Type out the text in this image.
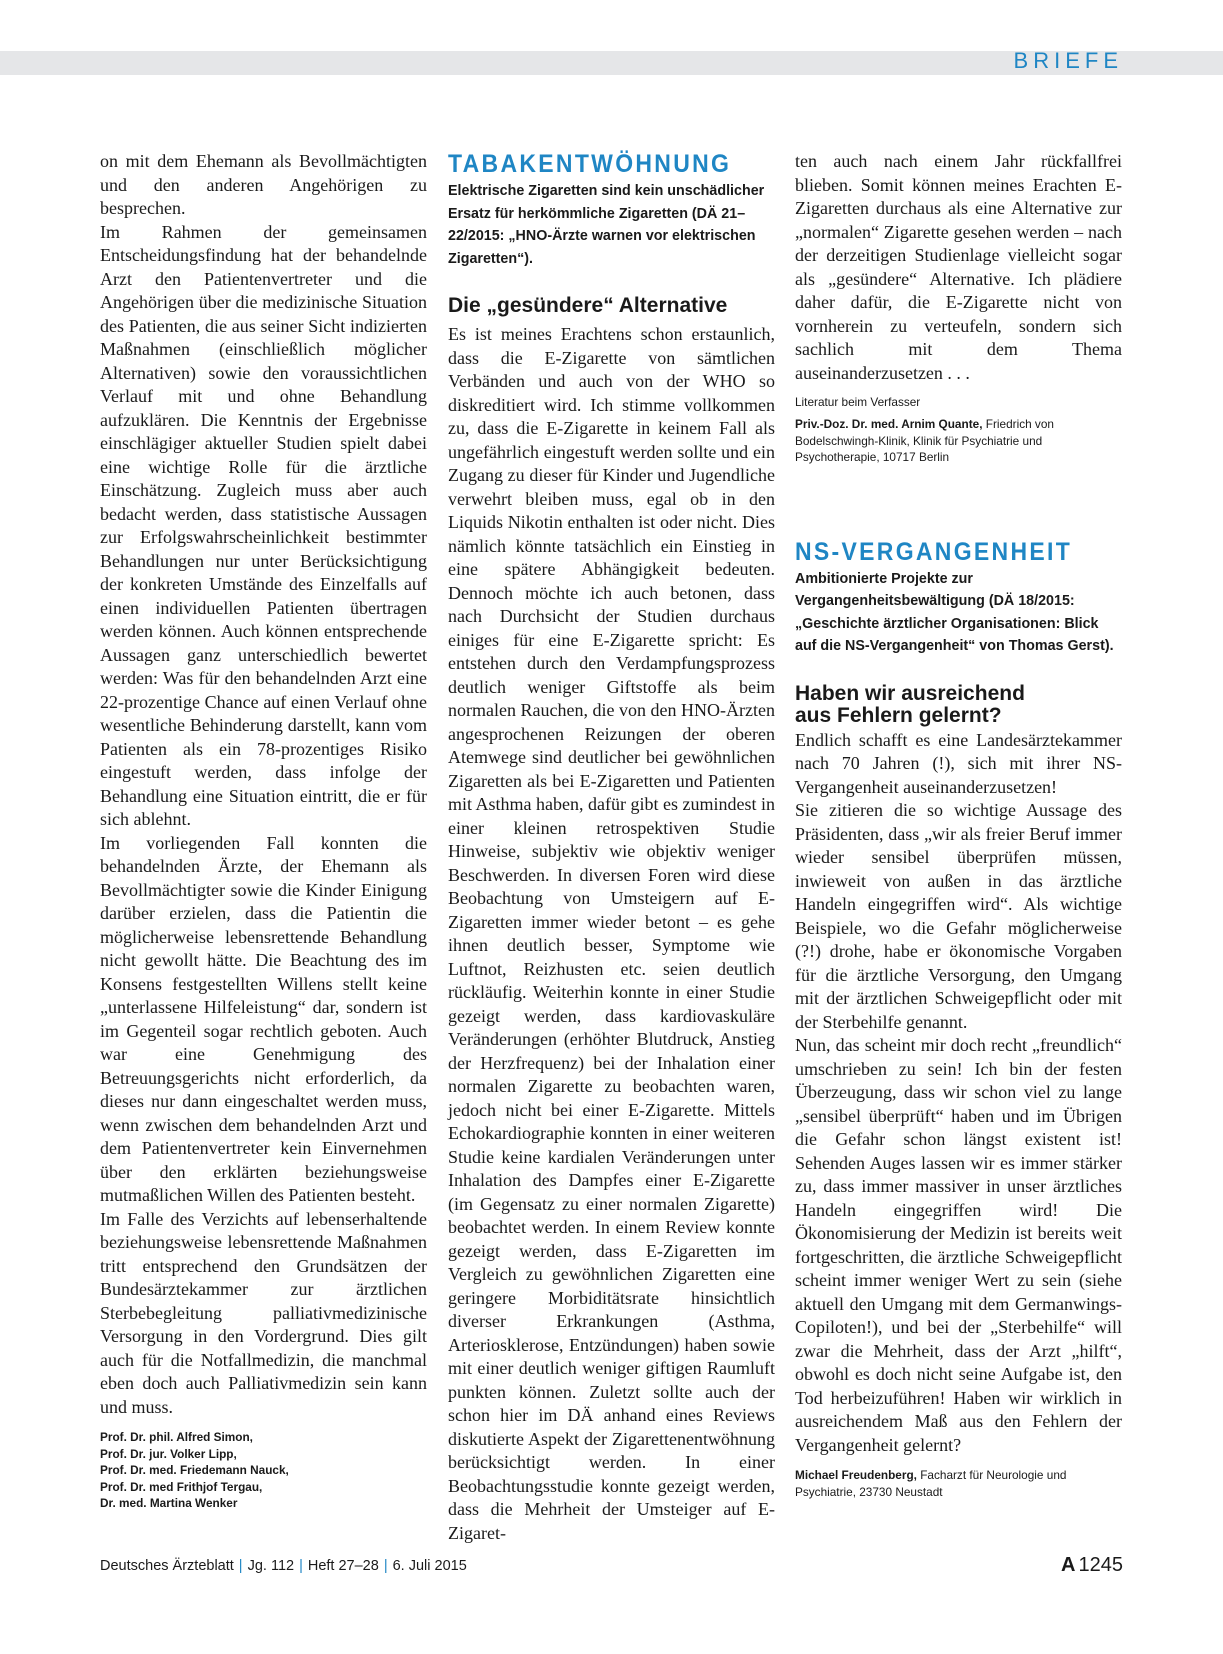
BRIEFE

on mit dem Ehemann als Bevollmächtigten und den anderen Angehörigen zu besprechen.

Im Rahmen der gemeinsamen Entscheidungsfindung hat der behandelnde Arzt den Patientenvertreter und die Angehörigen über die medizinische Situation des Patienten, die aus seiner Sicht indizierten Maßnahmen (einschließlich möglicher Alternativen) sowie den voraussichtlichen Verlauf mit und ohne Behandlung aufzuklären. Die Kenntnis der Ergebnisse einschlägiger aktueller Studien spielt dabei eine wichtige Rolle für die ärztliche Einschätzung. Zugleich muss aber auch bedacht werden, dass statistische Aussagen zur Erfolgswahrscheinlichkeit bestimmter Behandlungen nur unter Berücksichtigung der konkreten Umstände des Einzelfalls auf einen individuellen Patienten übertragen werden können. Auch können entsprechende Aussagen ganz unterschiedlich bewertet werden: Was für den behandelnden Arzt eine 22-prozentige Chance auf einen Verlauf ohne wesentliche Behinderung darstellt, kann vom Patienten als ein 78-prozentiges Risiko eingestuft werden, dass infolge der Behandlung eine Situation eintritt, die er für sich ablehnt.

Im vorliegenden Fall konnten die behandelnden Ärzte, der Ehemann als Bevollmächtigter sowie die Kinder Einigung darüber erzielen, dass die Patientin die möglicherweise lebensrettende Behandlung nicht gewollt hätte. Die Beachtung des im Konsens festgestellten Willens stellt keine „unterlassene Hilfeleistung“ dar, sondern ist im Gegenteil sogar rechtlich geboten. Auch war eine Genehmigung des Betreuungsgerichts nicht erforderlich, da dieses nur dann eingeschaltet werden muss, wenn zwischen dem behandelnden Arzt und dem Patientenvertreter kein Einvernehmen über den erklärten beziehungsweise mutmaßlichen Willen des Patienten besteht.

Im Falle des Verzichts auf lebenserhaltende beziehungsweise lebensrettende Maßnahmen tritt entsprechend den Grundsätzen der Bundesärztekammer zur ärztlichen Sterbebegleitung palliativmedizinische Versorgung in den Vordergrund. Dies gilt auch für die Notfallmedizin, die manchmal eben doch auch Palliativmedizin sein kann und muss.

Prof. Dr. phil. Alfred Simon,
Prof. Dr. jur. Volker Lipp,
Prof. Dr. med. Friedemann Nauck,
Prof. Dr. med Frithjof Tergau,
Dr. med. Martina Wenker
TABAKENTWÖHNUNG
Elektrische Zigaretten sind kein unschädlicher Ersatz für herkömmliche Zigaretten (DÄ 21–22/2015: „HNO-Ärzte warnen vor elektrischen Zigaretten“).
Die „gesündere“ Alternative

Es ist meines Erachtens schon erstaunlich, dass die E-Zigarette von sämtlichen Verbänden und auch von der WHO so diskreditiert wird. Ich stimme vollkommen zu, dass die E-Zigarette in keinem Fall als ungefährlich eingestuft werden sollte und ein Zugang zu dieser für Kinder und Jugendliche verwehrt bleiben muss, egal ob in den Liquids Nikotin enthalten ist oder nicht. Dies nämlich könnte tatsächlich ein Einstieg in eine spätere Abhängigkeit bedeuten. Dennoch möchte ich auch betonen, dass nach Durchsicht der Studien durchaus einiges für eine E-Zigarette spricht: Es entstehen durch den Verdampfungsprozess deutlich weniger Giftstoffe als beim normalen Rauchen, die von den HNO-Ärzten angesprochenen Reizungen der oberen Atemwege sind deutlicher bei gewöhnlichen Zigaretten als bei E-Zigaretten und Patienten mit Asthma haben, dafür gibt es zumindest in einer kleinen retrospektiven Studie Hinweise, subjektiv wie objektiv weniger Beschwerden. In diversen Foren wird diese Beobachtung von Umsteigern auf E-Zigaretten immer wieder betont – es gehe ihnen deutlich besser, Symptome wie Luftnot, Reizhusten etc. seien deutlich rückläufig. Weiterhin konnte in einer Studie gezeigt werden, dass kardiovaskuläre Veränderungen (erhöhter Blutdruck, Anstieg der Herzfrequenz) bei der Inhalation einer normalen Zigarette zu beobachten waren, jedoch nicht bei einer E-Zigarette. Mittels Echokardiographie konnten in einer weiteren Studie keine kardialen Veränderungen unter Inhalation des Dampfes einer E-Zigarette (im Gegensatz zu einer normalen Zigarette) beobachtet werden. In einem Review konnte gezeigt werden, dass E-Zigaretten im Vergleich zu gewöhnlichen Zigaretten eine geringere Morbiditätsrate hinsichtlich diverser Erkrankungen (Asthma, Arteriosklerose, Entzündungen) haben sowie mit einer deutlich weniger giftigen Raumluft punkten können. Zuletzt sollte auch der schon hier im DÄ anhand eines Reviews diskutierte Aspekt der Zigarettenentwöhnung berücksichtigt werden. In einer Beobachtungsstudie konnte gezeigt werden, dass die Mehrheit der Umsteiger auf E-Zigaret-

ten auch nach einem Jahr rückfallfrei blieben. Somit können meines Erachten E-Zigaretten durchaus als eine Alternative zur „normalen“ Zigarette gesehen werden – nach der derzeitigen Studienlage vielleicht sogar als „gesündere“ Alternative. Ich plädiere daher dafür, die E-Zigarette nicht von vornherein zu verteufeln, sondern sich sachlich mit dem Thema auseinanderzusetzen . . .

Literatur beim Verfasser
Priv.-Doz. Dr. med. Arnim Quante, Friedrich von Bodelschwingh-Klinik, Klinik für Psychiatrie und Psychotherapie, 10717 Berlin
NS-VERGANGENHEIT
Ambitionierte Projekte zur Vergangenheitsbewältigung (DÄ 18/2015: „Geschichte ärztlicher Organisationen: Blick auf die NS-Vergangenheit“ von Thomas Gerst).
Haben wir ausreichend
aus Fehlern gelernt?

Endlich schafft es eine Landesärztekammer nach 70 Jahren (!), sich mit ihrer NS-Vergangenheit auseinanderzusetzen!

Sie zitieren die so wichtige Aussage des Präsidenten, dass „wir als freier Beruf immer wieder sensibel überprüfen müssen, inwieweit von außen in das ärztliche Handeln eingegriffen wird“. Als wichtige Beispiele, wo die Gefahr möglicherweise (?!) drohe, habe er ökonomische Vorgaben für die ärztliche Versorgung, den Umgang mit der ärztlichen Schweigepflicht oder mit der Sterbehilfe genannt.

Nun, das scheint mir doch recht „freundlich“ umschrieben zu sein! Ich bin der festen Überzeugung, dass wir schon viel zu lange „sensibel überprüft“ haben und im Übrigen die Gefahr schon längst existent ist! Sehenden Auges lassen wir es immer stärker zu, dass immer massiver in unser ärztliches Handeln eingegriffen wird! Die Ökonomisierung der Medizin ist bereits weit fortgeschritten, die ärztliche Schweigepflicht scheint immer weniger Wert zu sein (siehe aktuell den Umgang mit dem Germanwings-Copiloten!), und bei der „Sterbehilfe“ will zwar die Mehrheit, dass der Arzt „hilft“, obwohl es doch nicht seine Aufgabe ist, den Tod herbeizuführen! Haben wir wirklich in ausreichendem Maß aus den Fehlern der Vergangenheit gelernt?

Michael Freudenberg, Facharzt für Neurologie und Psychiatrie, 23730 Neustadt
Deutsches Ärzteblatt | Jg. 112 | Heft 27–28 | 6. Juli 2015	A 1245
